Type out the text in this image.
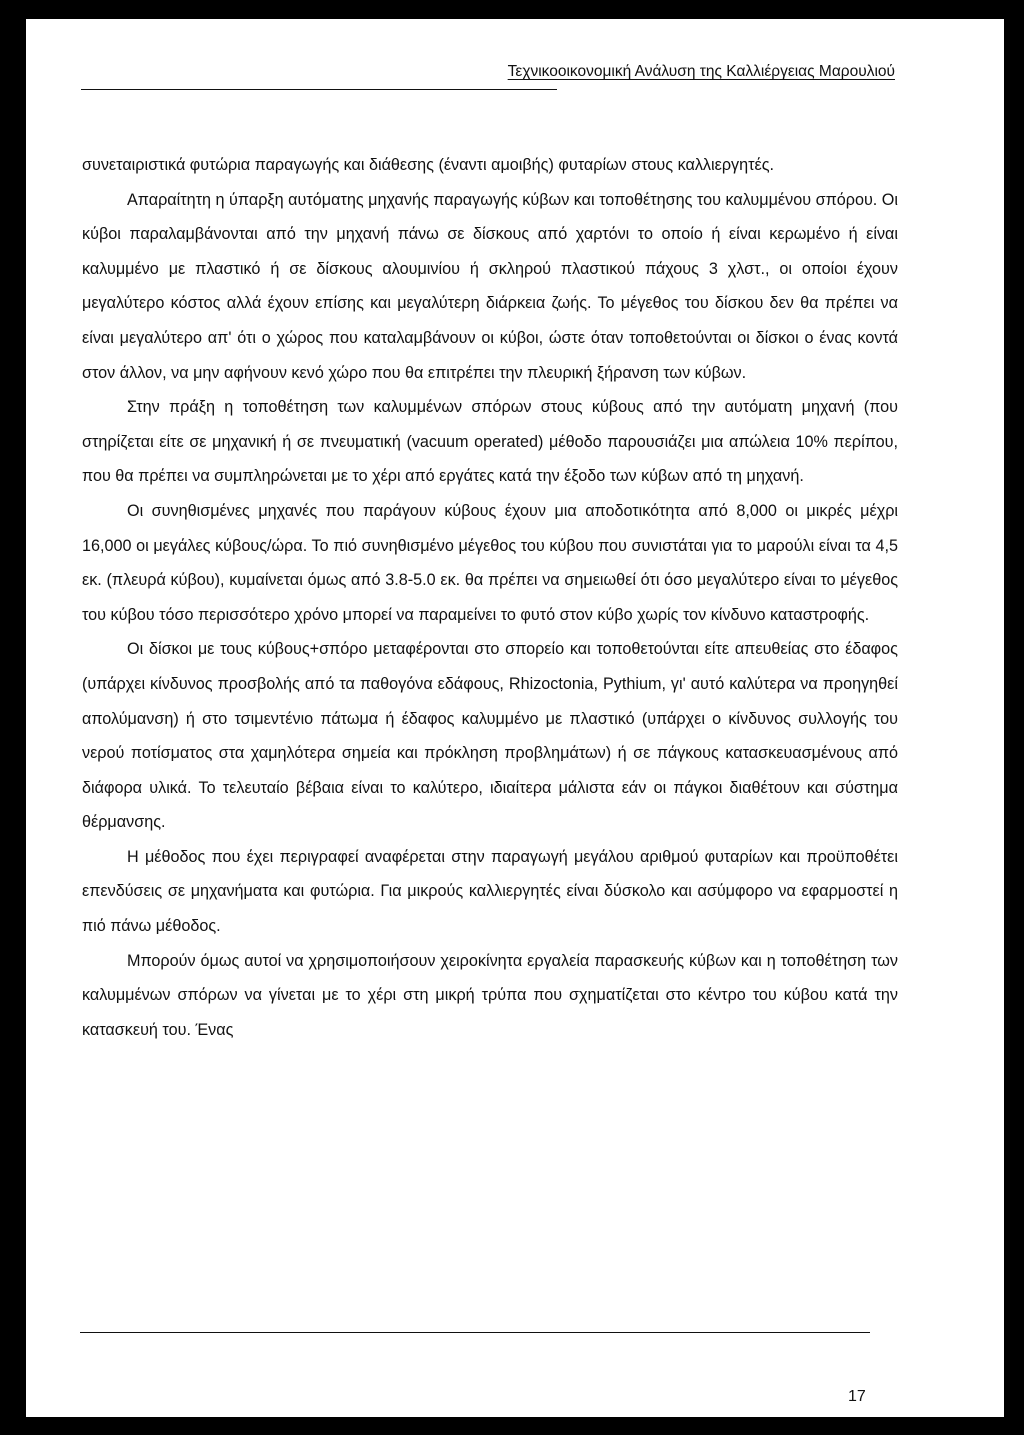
Τεχνικοοικονομική Ανάλυση της Καλλιέργειας Μαρουλιού

συνεταιριστικά φυτώρια παραγωγής και διάθεσης (έναντι αμοιβής) φυταρίων στους καλλιεργητές.

Απαραίτητη η ύπαρξη αυτόματης μηχανής παραγωγής κύβων και τοποθέτησης του καλυμμένου σπόρου. Οι κύβοι παραλαμβάνονται από την μηχανή πάνω σε δίσκους από χαρτόνι το οποίο ή είναι κερωμένο ή είναι καλυμμένο με πλαστικό ή σε δίσκους αλουμινίου ή σκληρού πλαστικού πάχους 3 χλστ., οι οποίοι έχουν μεγαλύτερο κόστος αλλά έχουν επίσης και μεγαλύτερη διάρκεια ζωής. Το μέγεθος του δίσκου δεν θα πρέπει να είναι μεγαλύτερο απ' ότι ο χώρος που καταλαμβάνουν οι κύβοι, ώστε όταν τοποθετούνται οι δίσκοι ο ένας κοντά στον άλλον, να μην αφήνουν κενό χώρο που θα επιτρέπει την πλευρική ξήρανση των κύβων.

Στην πράξη η τοποθέτηση των καλυμμένων σπόρων στους κύβους από την αυτόματη μηχανή (που στηρίζεται είτε σε μηχανική ή σε πνευματική (vacuum operated) μέθοδο παρουσιάζει μια απώλεια 10% περίπου, που θα πρέπει να συμπληρώνεται με το χέρι από εργάτες κατά την έξοδο των κύβων από τη μηχανή.

Οι συνηθισμένες μηχανές που παράγουν κύβους έχουν μια αποδοτικότητα από 8,000 οι μικρές μέχρι 16,000 οι μεγάλες κύβους/ώρα. Το πιό συνηθισμένο μέγεθος του κύβου που συνιστάται για το μαρούλι είναι τα 4,5 εκ. (πλευρά κύβου), κυμαίνεται όμως από 3.8-5.0 εκ. θα πρέπει να σημειωθεί ότι όσο μεγαλύτερο είναι το μέγεθος του κύβου τόσο περισσότερο χρόνο μπορεί να παραμείνει το φυτό στον κύβο χωρίς τον κίνδυνο καταστροφής.

Οι δίσκοι με τους κύβους+σπόρο μεταφέρονται στο σπορείο και τοποθετούνται είτε απευθείας στο έδαφος (υπάρχει κίνδυνος προσβολής από τα παθογόνα εδάφους, Rhizoctonia, Pythium, γι' αυτό καλύτερα να προηγηθεί απολύμανση) ή στο τσιμεντένιο πάτωμα ή έδαφος καλυμμένο με πλαστικό (υπάρχει ο κίνδυνος συλλογής του νερού ποτίσματος στα χαμηλότερα σημεία και πρόκληση προβλημάτων) ή σε πάγκους κατασκευασμένους από διάφορα υλικά. Το τελευταίο βέβαια είναι το καλύτερο, ιδιαίτερα μάλιστα εάν οι πάγκοι διαθέτουν και σύστημα θέρμανσης.

Η μέθοδος που έχει περιγραφεί αναφέρεται στην παραγωγή μεγάλου αριθμού φυταρίων και προϋποθέτει επενδύσεις σε μηχανήματα και φυτώρια. Για μικρούς καλλιεργητές είναι δύσκολο και ασύμφορο να εφαρμοστεί η πιό πάνω μέθοδος.

Μπορούν όμως αυτοί να χρησιμοποιήσουν χειροκίνητα εργαλεία παρασκευής κύβων και η τοποθέτηση των καλυμμένων σπόρων να γίνεται με το χέρι στη μικρή τρύπα που σχηματίζεται στο κέντρο του κύβου κατά την κατασκευή του. Ένας

17
